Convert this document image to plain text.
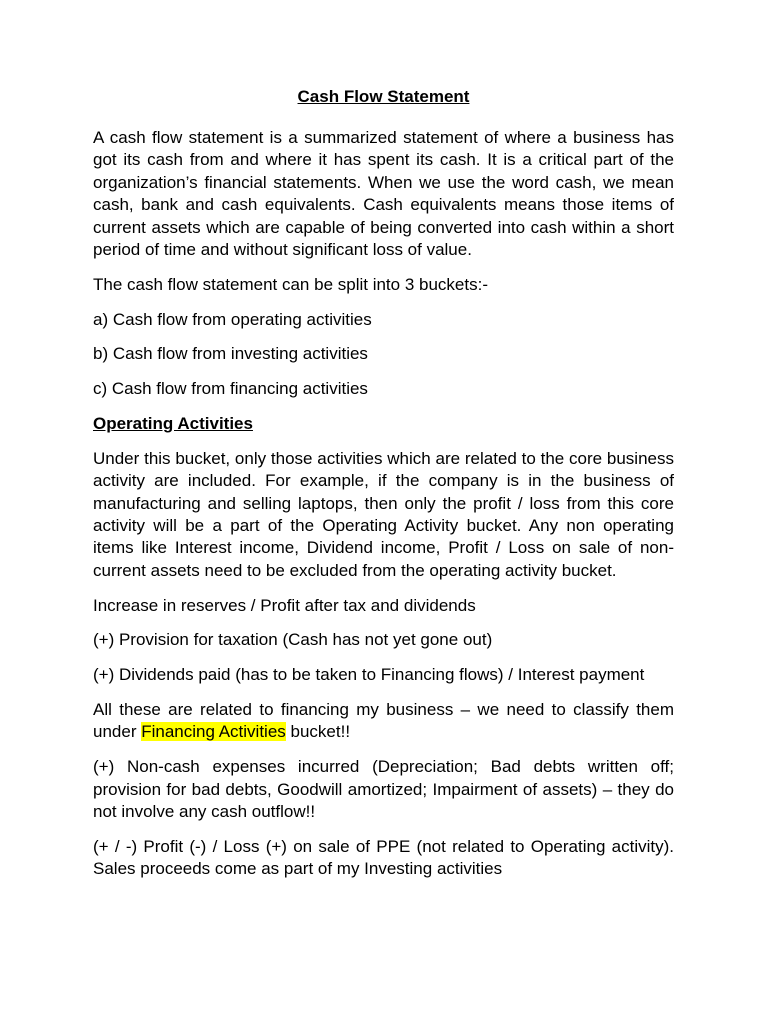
Cash Flow Statement

A cash flow statement is a summarized statement of where a business has got its cash from and where it has spent its cash. It is a critical part of the organization’s financial statements. When we use the word cash, we mean cash, bank and cash equivalents. Cash equivalents means those items of current assets which are capable of being converted into cash within a short period of time and without significant loss of value.

The cash flow statement can be split into 3 buckets:-

a) Cash flow from operating activities

b) Cash flow from investing activities

c) Cash flow from financing activities

Operating Activities

Under this bucket, only those activities which are related to the core business activity are included. For example, if the company is in the business of manufacturing and selling laptops, then only the profit / loss from this core activity will be a part of the Operating Activity bucket. Any non operating items like Interest income, Dividend income, Profit / Loss on sale of non-current assets need to be excluded from the operating activity bucket.

Increase in reserves / Profit after tax and dividends

(+) Provision for taxation (Cash has not yet gone out)

(+) Dividends paid (has to be taken to Financing flows) / Interest payment

All these are related to financing my business – we need to classify them under Financing Activities bucket!!

(+) Non-cash expenses incurred (Depreciation; Bad debts written off; provision for bad debts, Goodwill amortized; Impairment of assets) – they do not involve any cash outflow!!

(+ / -) Profit (-) / Loss (+) on sale of PPE (not related to Operating activity). Sales proceeds come as part of my Investing activities
